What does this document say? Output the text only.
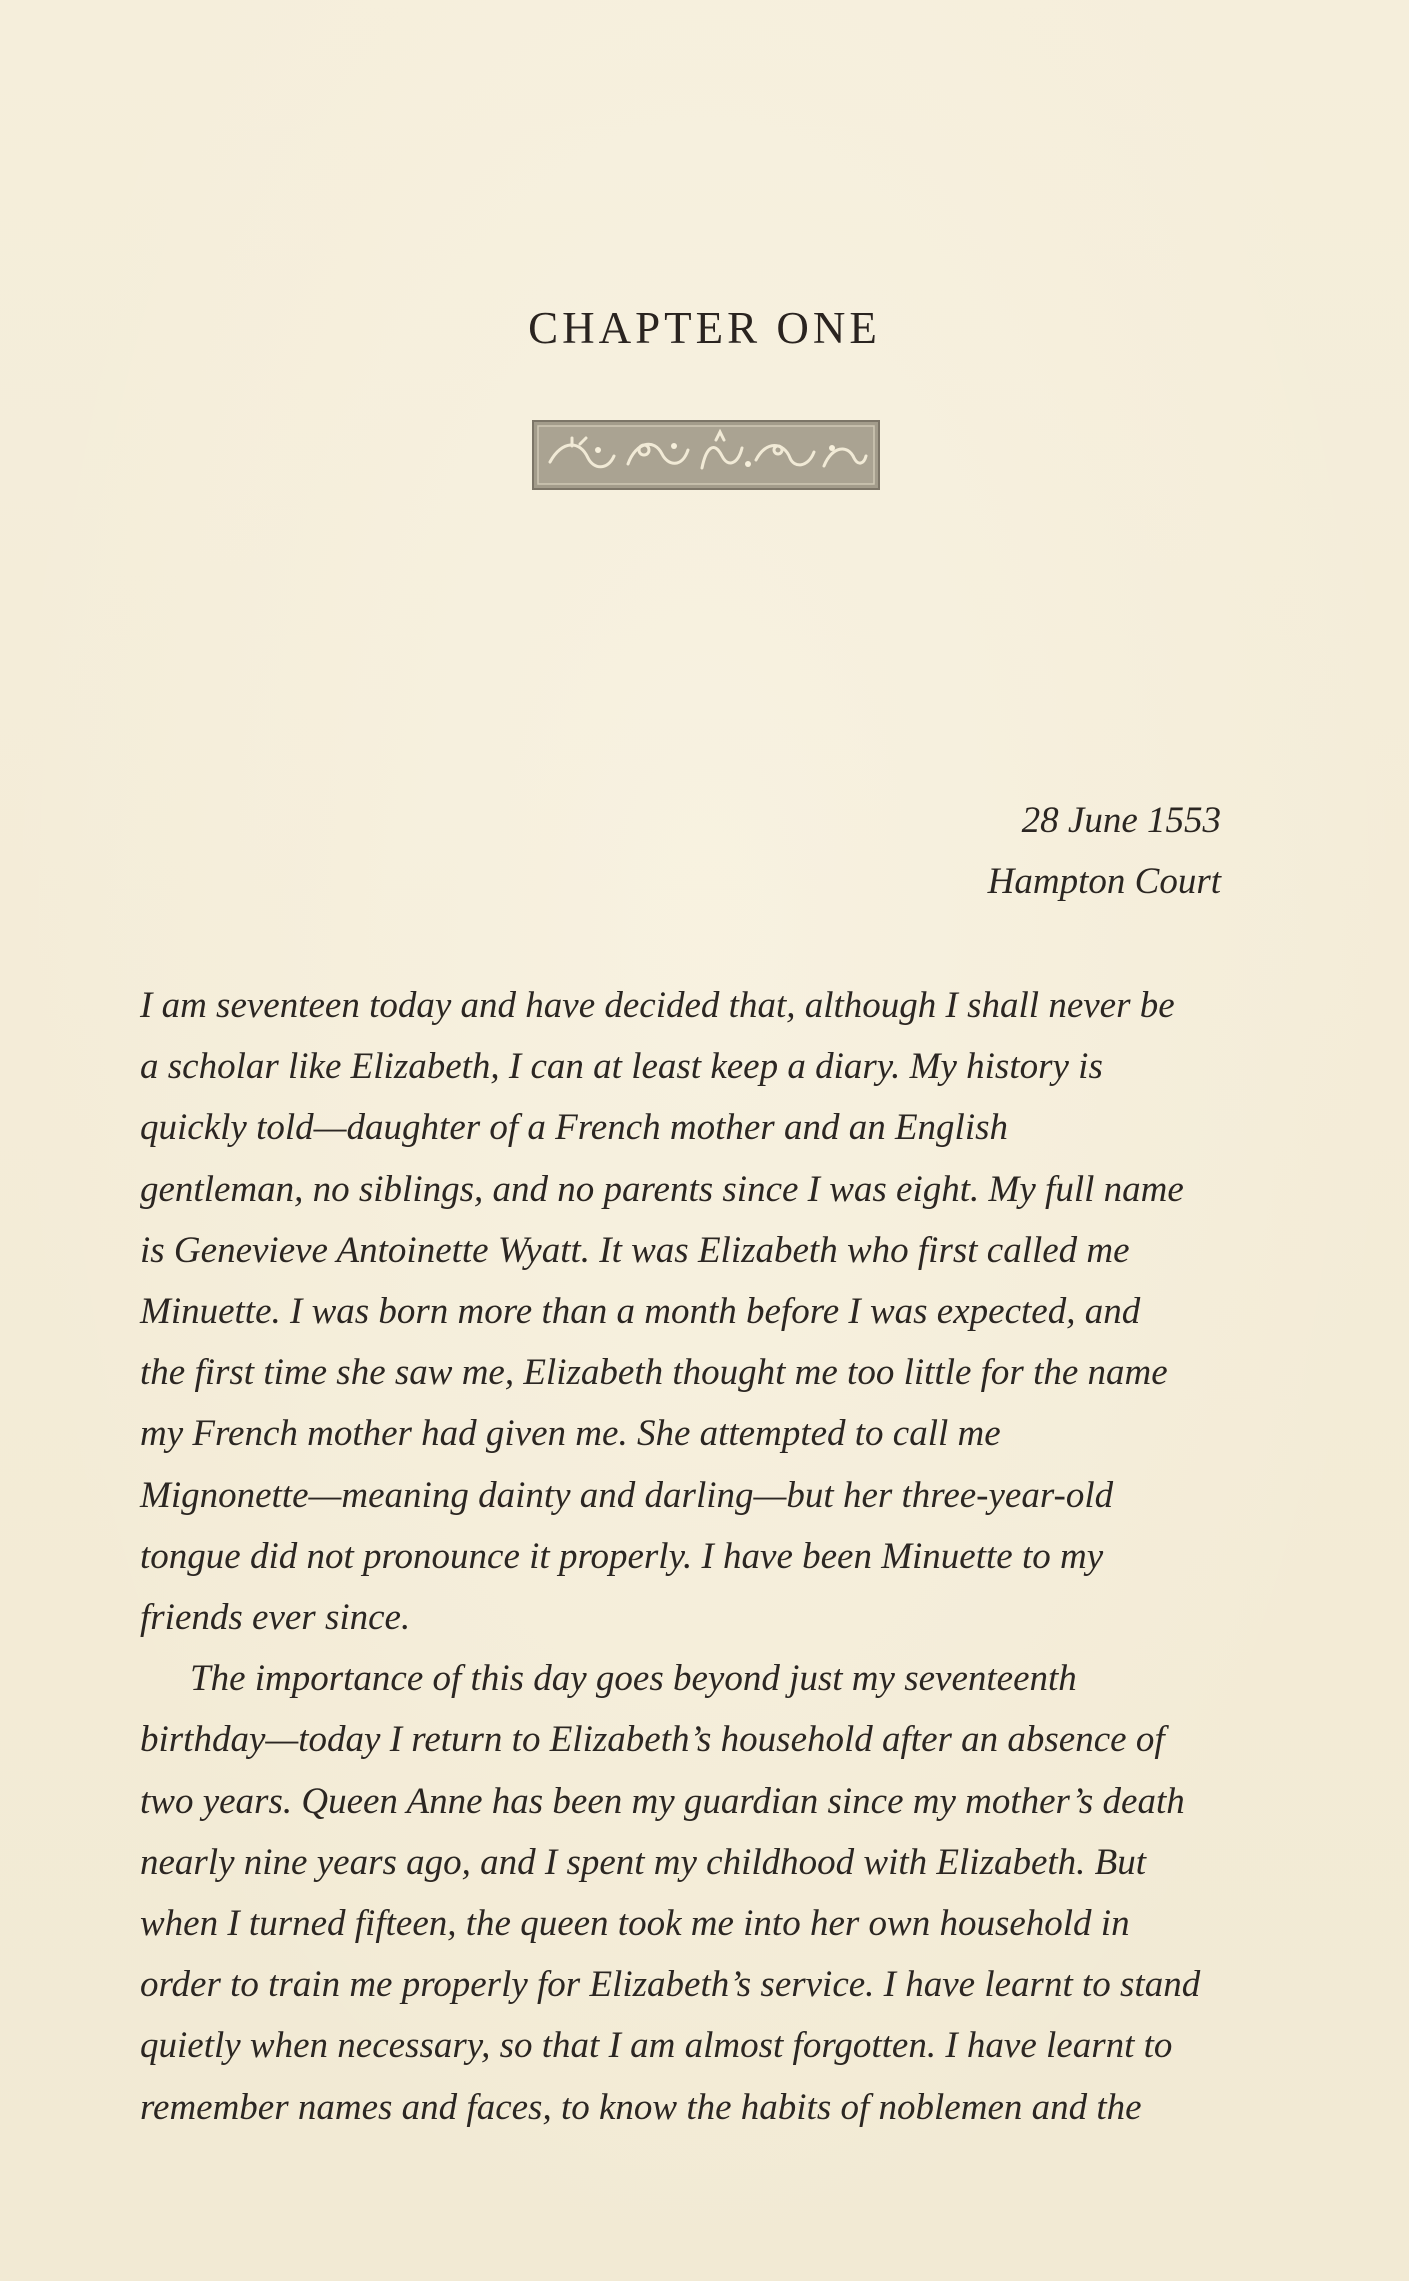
CHAPTER ONE
28 June 1553
Hampton Court

I am seventeen today and have decided that, although I shall never be
a scholar like Elizabeth, I can at least keep a diary. My history is
quickly told—daughter of a French mother and an English
gentleman, no siblings, and no parents since I was eight. My full name
is Genevieve Antoinette Wyatt. It was Elizabeth who first called me
Minuette. I was born more than a month before I was expected, and
the first time she saw me, Elizabeth thought me too little for the name
my French mother had given me. She attempted to call me
Mignonette—meaning dainty and darling—but her three-year-old
tongue did not pronounce it properly. I have been Minuette to my
friends ever since.

The importance of this day goes beyond just my seventeenth
birthday—today I return to Elizabeth’s household after an absence of
two years. Queen Anne has been my guardian since my mother’s death
nearly nine years ago, and I spent my childhood with Elizabeth. But
when I turned fifteen, the queen took me into her own household in
order to train me properly for Elizabeth’s service. I have learnt to stand
quietly when necessary, so that I am almost forgotten. I have learnt to
remember names and faces, to know the habits of noblemen and the
